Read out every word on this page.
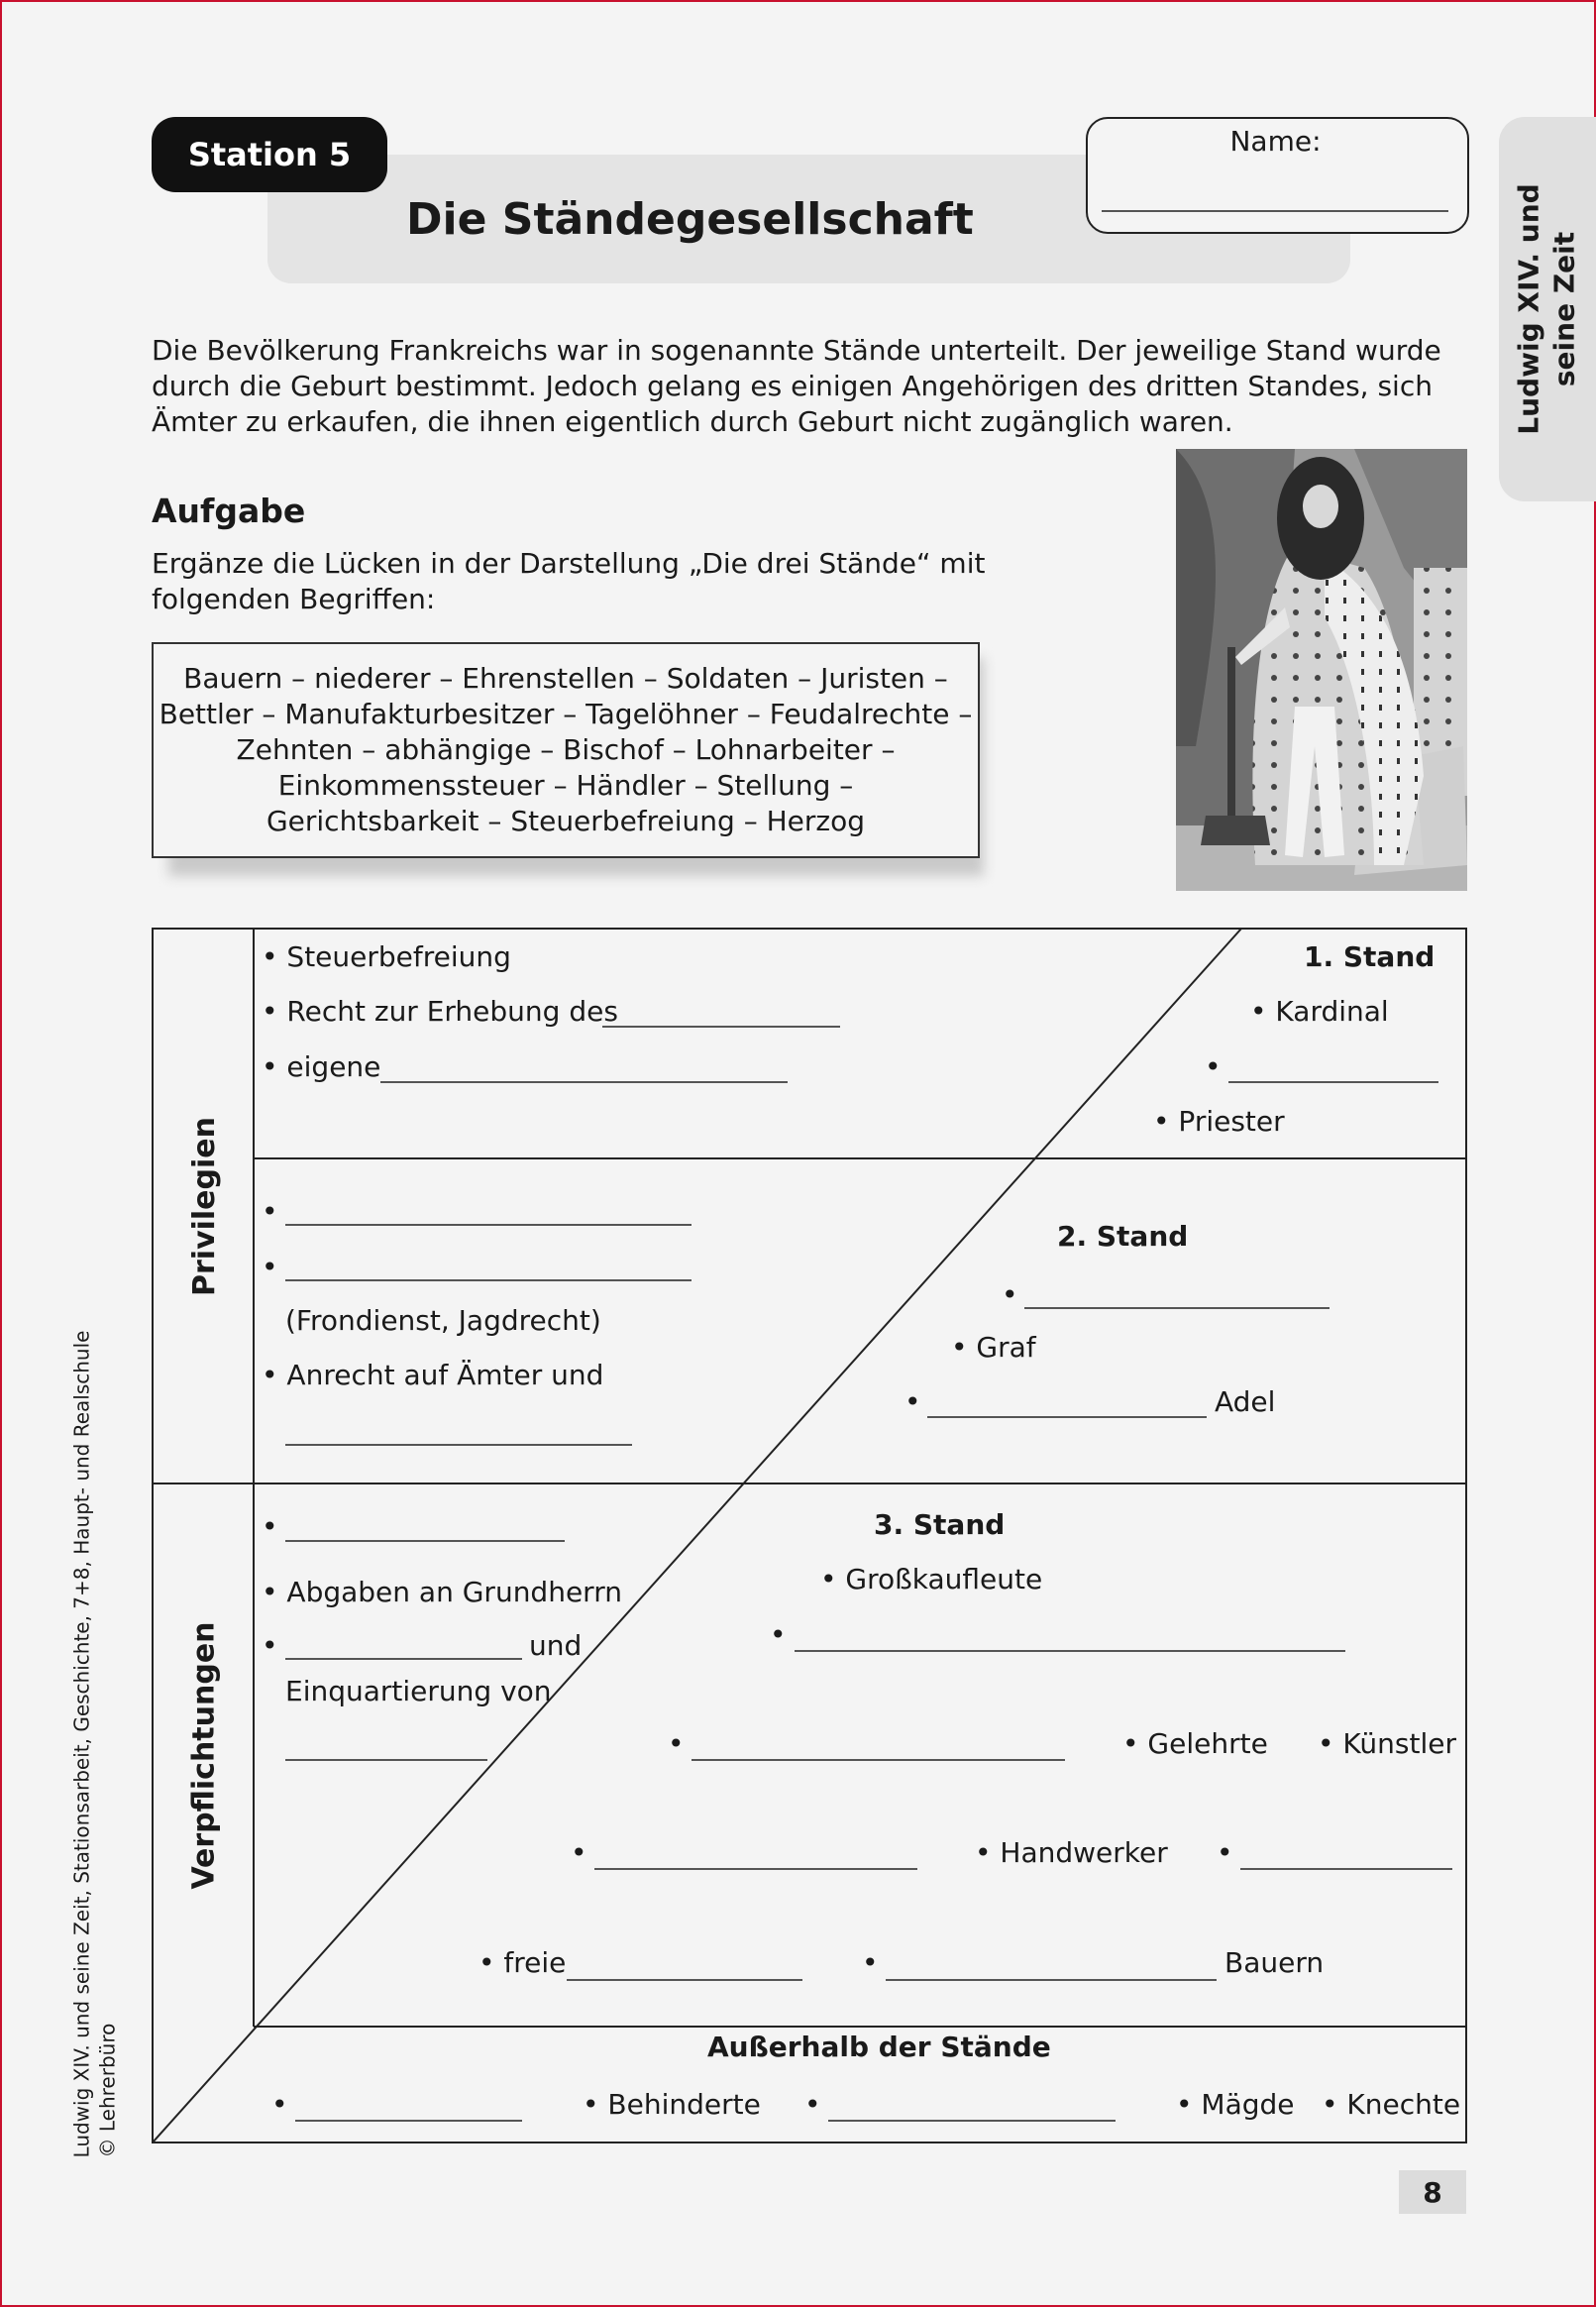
Station 5
Die Ständegesellschaft
Name:
Ludwig XIV. und seine Zeit
Die Bevölkerung Frankreichs war in sogenannte Stände unterteilt. Der jeweilige Stand wurde durch die Geburt bestimmt. Jedoch gelang es einigen Angehörigen des dritten Standes, sich Ämter zu erkaufen, die ihnen eigentlich durch Geburt nicht zugänglich waren.
Aufgabe
Ergänze die Lücken in der Darstellung „Die drei Stände“ mit folgenden Begriffen:
Bauern – niederer – Ehrenstellen – Soldaten – Juristen –
Bettler – Manufakturbesitzer – Tagelöhner – Feudalrechte –
Zehnten – abhängige – Bischof – Lohnarbeiter –
Einkommenssteuer – Händler – Stellung –
Gerichtsbarkeit – Steuerbefreiung – Herzog
Privilegien
Verpflichtungen
1. Stand
• Steuerbefreiung
• Recht zur Erhebung des
• eigene
• Kardinal
•
• Priester
2. Stand
•
•
(Frondienst, Jagdrecht)
• Anrecht auf Ämter und
•
• Graf
•	Adel
3. Stand
•
• Abgaben an Grundherrn
•	und
Einquartierung von
• Großkaufleute
•
•	• Gelehrte • Künstler
•	• Handwerker •
• freie	•	Bauern
Außerhalb der Stände
•	• Behinderte •	• Mägde • Knechte
Ludwig XIV. und seine Zeit, Stationsarbeit, Geschichte, 7+8, Haupt- und Realschule © Lehrerbüro
8
